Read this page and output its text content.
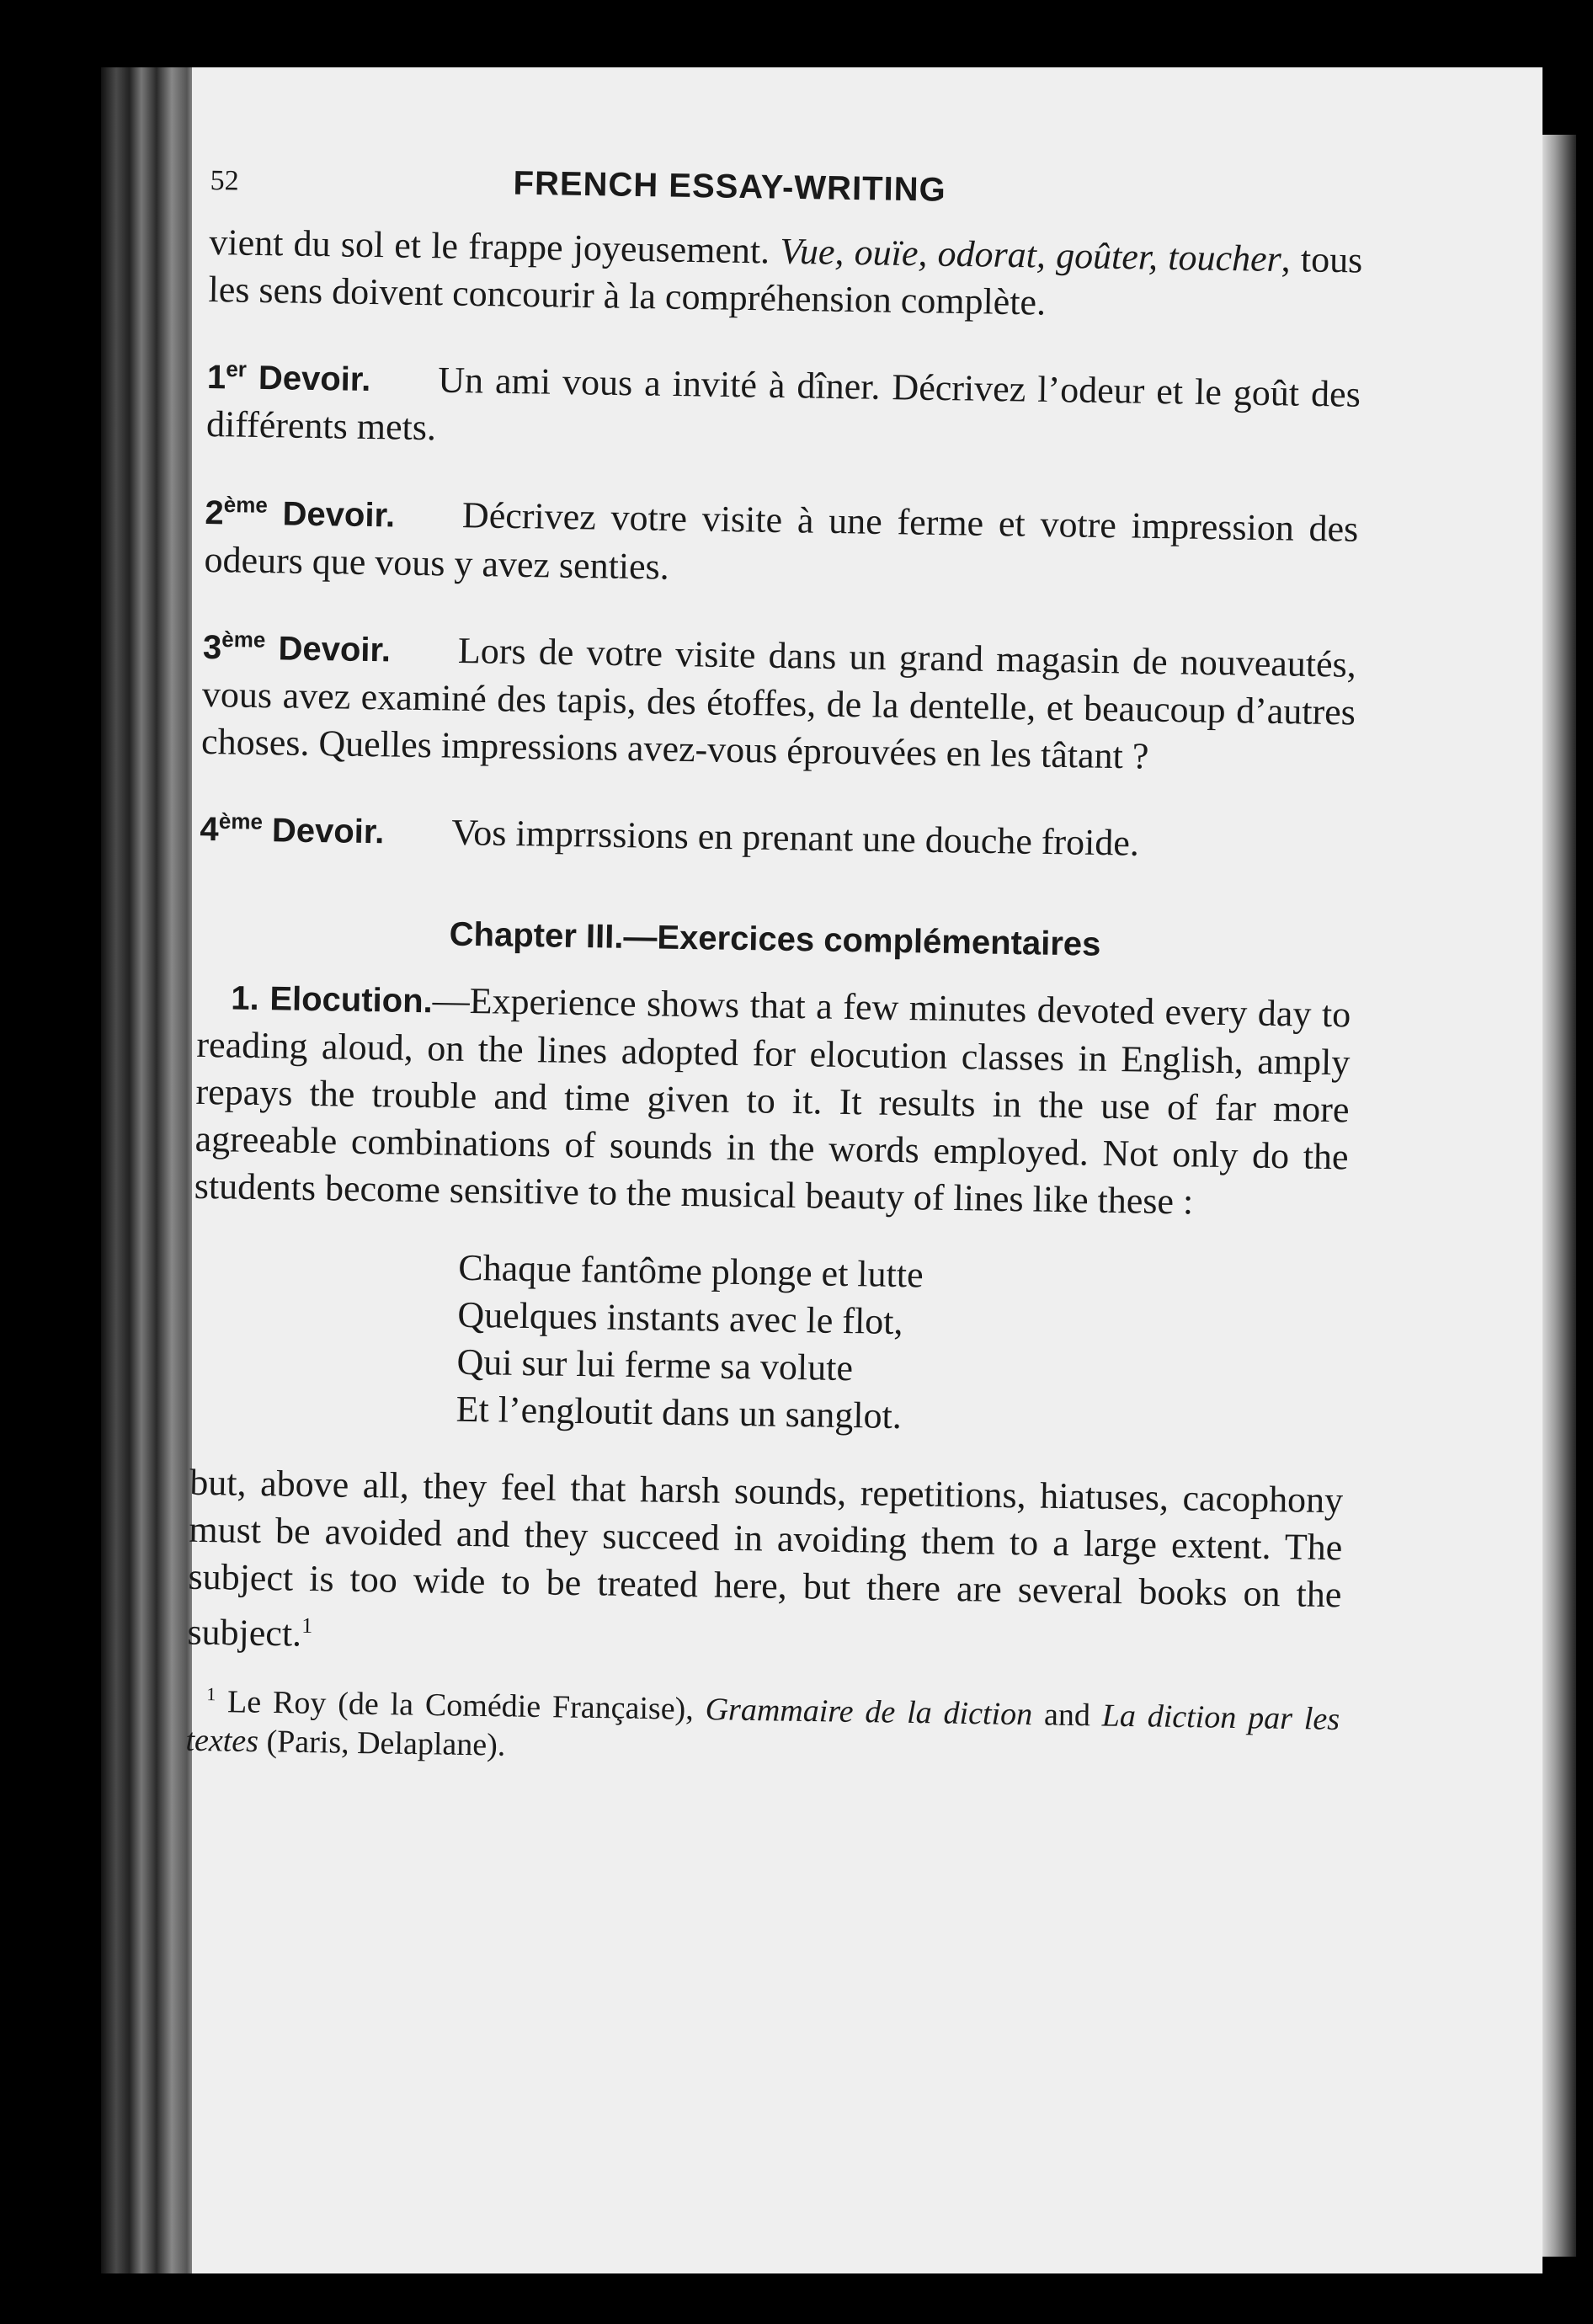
52	FRENCH ESSAY-WRITING

vient du sol et le frappe joyeusement. Vue, ouïe, odorat, goûter, toucher, tous les sens doivent concourir à la compréhension complète.

1er Devoir. Un ami vous a invité à dîner. Décrivez l’odeur et le goût des différents mets.

2ème Devoir. Décrivez votre visite à une ferme et votre impression des odeurs que vous y avez senties.

3ème Devoir. Lors de votre visite dans un grand magasin de nouveautés, vous avez examiné des tapis, des étoffes, de la dentelle, et beaucoup d’autres choses. Quelles impressions avez-vous éprouvées en les tâtant ?

4ème Devoir. Vos imprrssions en prenant une douche froide.

Chapter III.—Exercices complémentaires

1. Elocution.—Experience shows that a few minutes devoted every day to reading aloud, on the lines adopted for elocution classes in English, amply repays the trouble and time given to it. It results in the use of far more agreeable combinations of sounds in the words employed. Not only do the students become sensitive to the musical beauty of lines like these :

Chaque fantôme plonge et lutte
Quelques instants avec le flot,
Qui sur lui ferme sa volute
Et l’engloutit dans un sanglot.

but, above all, they feel that harsh sounds, repetitions, hiatuses, cacophony must be avoided and they succeed in avoiding them to a large extent. The subject is too wide to be treated here, but there are several books on the subject.$^1$

$^1$ Le Roy (de la Comédie Française), Grammaire de la diction and La diction par les textes (Paris, Delaplane).
